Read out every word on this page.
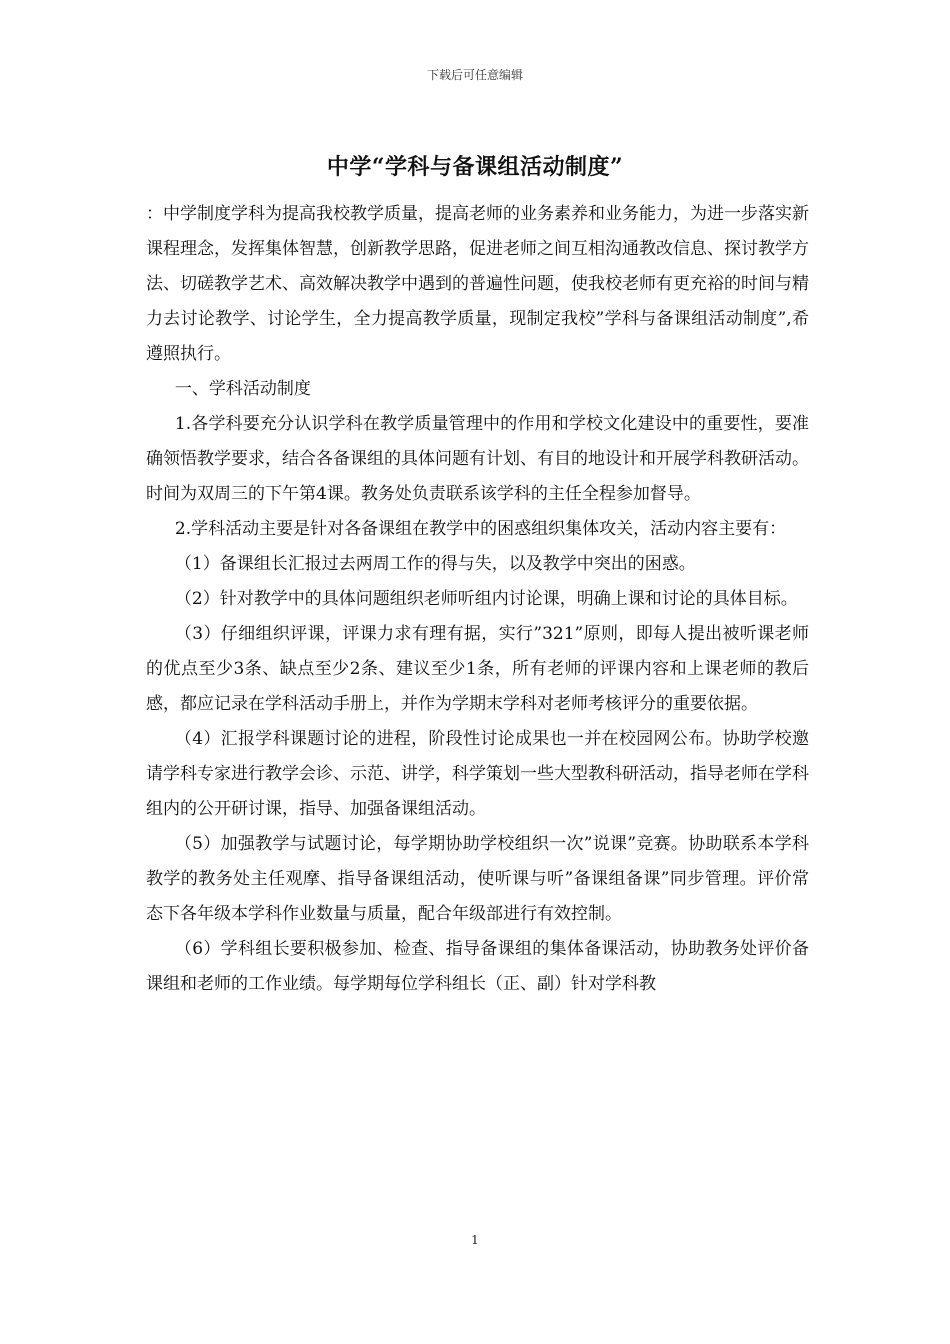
下载后可任意编辑
中学“学科与备课组活动制度”

：中学制度学科为提高我校教学质量，提高老师的业务素养和业务能力，为进一步落实新课程理念，发挥集体智慧，创新教学思路，促进老师之间互相沟通教改信息、探讨教学方法、切磋教学艺术、高效解决教学中遇到的普遍性问题，使我校老师有更充裕的时间与精力去讨论教学、讨论学生，全力提高教学质量，现制定我校”学科与备课组活动制度”,希遵照执行。

一、学科活动制度

1.各学科要充分认识学科在教学质量管理中的作用和学校文化建设中的重要性，要准确领悟教学要求，结合各备课组的具体问题有计划、有目的地设计和开展学科教研活动。时间为双周三的下午第4课。教务处负责联系该学科的主任全程参加督导。

2.学科活动主要是针对各备课组在教学中的困惑组织集体攻关，活动内容主要有：

（1）备课组长汇报过去两周工作的得与失，以及教学中突出的困惑。

（2）针对教学中的具体问题组织老师听组内讨论课，明确上课和讨论的具体目标。

（3）仔细组织评课，评课力求有理有据，实行”321”原则，即每人提出被听课老师的优点至少3条、缺点至少2条、建议至少1条，所有老师的评课内容和上课老师的教后感，都应记录在学科活动手册上，并作为学期末学科对老师考核评分的重要依据。

（4）汇报学科课题讨论的进程，阶段性讨论成果也一并在校园网公布。协助学校邀请学科专家进行教学会诊、示范、讲学，科学策划一些大型教科研活动，指导老师在学科组内的公开研讨课，指导、加强备课组活动。

（5）加强教学与试题讨论，每学期协助学校组织一次”说课”竞赛。协助联系本学科教学的教务处主任观摩、指导备课组活动，使听课与听”备课组备课”同步管理。评价常态下各年级本学科作业数量与质量，配合年级部进行有效控制。

（6）学科组长要积极参加、检查、指导备课组的集体备课活动，协助教务处评价备课组和老师的工作业绩。每学期每位学科组长（正、副）针对学科教

1
